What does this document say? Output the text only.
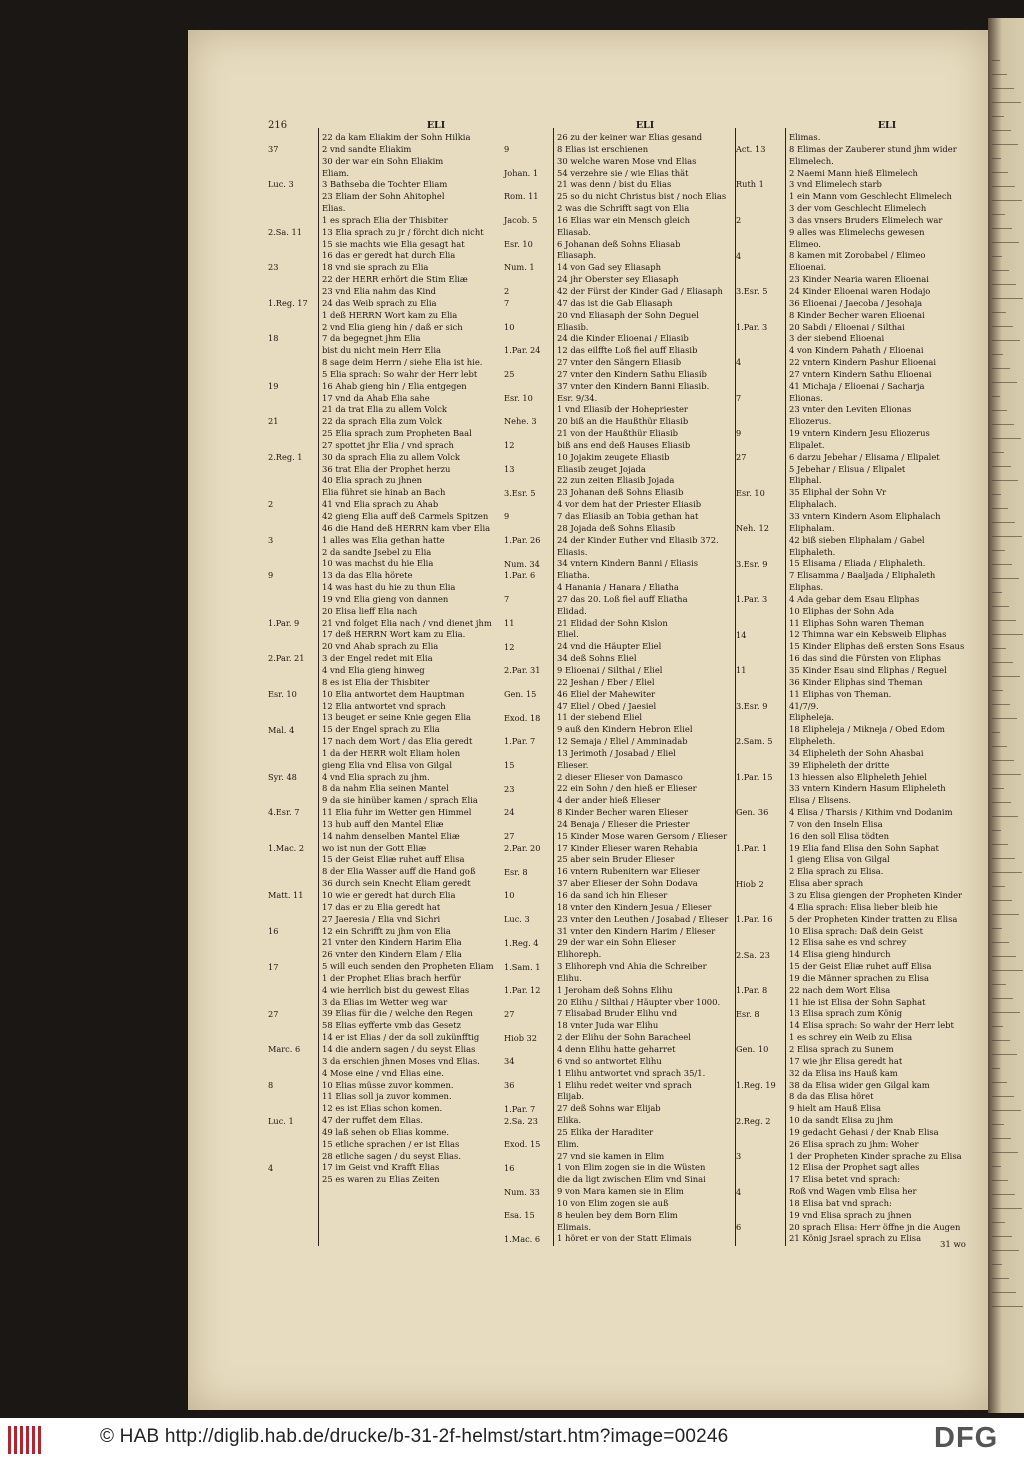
216
37
Luc. 3
2.Sa. 11
23
1.Reg. 17
18
19
21
2.Reg. 1
2
3
9
1.Par. 9
2.Par. 21
Esr. 10
Mal. 4
Syr. 48
4.Esr. 7
1.Mac. 2
Matt. 11
16
17
27
Marc. 6
8
Luc. 1
4
9
Johan. 1
Rom. 11
Jacob. 5
Esr. 10
Num. 1
2
7
10
1.Par. 24
25
Esr. 10
Nehe. 3
12
13
3.Esr. 5
9
1.Par. 26
Num. 34
1.Par. 6
7
11
12
2.Par. 31
Gen. 15
Exod. 18
1.Par. 7
15
23
24
27
2.Par. 20
Esr. 8
10
Luc. 3
1.Reg. 4
1.Sam. 1
1.Par. 12
27
Hiob 32
34
36
1.Par. 7
2.Sa. 23
Exod. 15
16
Num. 33
Esa. 15
1.Mac. 6
Act. 13
Ruth 1
2
4
3.Esr. 5
1.Par. 3
4
7
9
27
Esr. 10
Neh. 12
3.Esr. 9
1.Par. 3
14
11
3.Esr. 9
2.Sam. 5
1.Par. 15
Gen. 36
1.Par. 1
Hiob 2
1.Par. 16
2.Sa. 23
1.Par. 8
Esr. 8
Gen. 10
1.Reg. 19
2.Reg. 2
3
4
6
ELI
22 da kam Eliakim der Sohn Hilkia
2 vnd sandte Eliakim
30 der war ein Sohn Eliakim
Eliam.
3 Bathseba die Tochter Eliam
23 Eliam der Sohn Ahitophel
Elias.
1 es sprach Elia der Thisbiter
13 Elia sprach zu jr / förcht dich nicht
15 sie machts wie Elia gesagt hat
16 das er geredt hat durch Elia
18 vnd sie sprach zu Elia
22 der HERR erhört die Stim Eliæ
23 vnd Elia nahm das Kind
24 das Weib sprach zu Elia
1 deß HERRN Wort kam zu Elia
2 vnd Elia gieng hin / daß er sich
7 da begegnet jhm Elia
bist du nicht mein Herr Elia
8 sage deim Herrn / siehe Elia ist hie.
5 Elia sprach: So wahr der Herr lebt
16 Ahab gieng hin / Elia entgegen
17 vnd da Ahab Elia sahe
21 da trat Elia zu allem Volck
22 da sprach Elia zum Volck
25 Elia sprach zum Propheten Baal
27 spottet jhr Elia / vnd sprach
30 da sprach Elia zu allem Volck
36 trat Elia der Prophet herzu
40 Elia sprach zu jhnen
Elia führet sie hinab an Bach
41 vnd Elia sprach zu Ahab
42 gieng Elia auff deß Carmels Spitzen
46 die Hand deß HERRN kam vber Elia
1 alles was Elia gethan hatte
2 da sandte Jsebel zu Elia
10 was machst du hie Elia
13 da das Elia hörete
14 was hast du hie zu thun Elia
19 vnd Elia gieng von dannen
20 Elisa lieff Elia nach
21 vnd folget Elia nach / vnd dienet jhm
17 deß HERRN Wort kam zu Elia.
20 vnd Ahab sprach zu Elia
3 der Engel redet mit Elia
4 vnd Elia gieng hinweg
8 es ist Elia der Thisbiter
10 Elia antwortet dem Hauptman
12 Elia antwortet vnd sprach
13 beuget er seine Knie gegen Elia
15 der Engel sprach zu Elia
17 nach dem Wort / das Elia geredt
1 da der HERR wolt Eliam holen
gieng Elia vnd Elisa von Gilgal
4 vnd Elia sprach zu jhm.
8 da nahm Elia seinen Mantel
9 da sie hinüber kamen / sprach Elia
11 Elia fuhr im Wetter gen Himmel
13 hub auff den Mantel Eliæ
14 nahm denselben Mantel Eliæ
wo ist nun der Gott Eliæ
15 der Geist Eliæ ruhet auff Elisa
8 der Elia Wasser auff die Hand goß
36 durch sein Knecht Eliam geredt
10 wie er geredt hat durch Elia
17 das er zu Elia geredt hat
27 Jaeresia / Elia vnd Sichri
12 ein Schrifft zu jhm von Elia
21 vnter den Kindern Harim Elia
26 vnter den Kindern Elam / Elia
5 will euch senden den Propheten Eliam
1 der Prophet Elias brach herfür
4 wie herrlich bist du gewest Elias
3 da Elias im Wetter weg war
39 Elias für die / welche den Regen
58 Elias eyfferte vmb das Gesetz
14 er ist Elias / der da soll zukünfftig
14 die andern sagen / du seyst Elias
3 da erschien jhnen Moses vnd Elias.
4 Mose eine / vnd Elias eine.
10 Elias müsse zuvor kommen.
11 Elias soll ja zuvor kommen.
12 es ist Elias schon komen.
47 der ruffet dem Elias.
49 laß sehen ob Elias komme.
15 etliche sprachen / er ist Elias
28 etliche sagen / du seyst Elias.
17 im Geist vnd Krafft Elias
25 es waren zu Elias Zeiten
ELI
26 zu der keiner war Elias gesand
8 Elias ist erschienen
30 welche waren Mose vnd Elias
54 verzehre sie / wie Elias thät
21 was denn / bist du Elias
25 so du nicht Christus bist / noch Elias
2 was die Schrifft sagt von Elia
16 Elias war ein Mensch gleich
Eliasab.
6 Johanan deß Sohns Eliasab
Eliasaph.
14 von Gad sey Eliasaph
24 jhr Oberster sey Eliasaph
42 der Fürst der Kinder Gad / Eliasaph
47 das ist die Gab Eliasaph
20 vnd Eliasaph der Sohn Deguel
Eliasib.
24 die Kinder Elioenai / Eliasib
12 das eilffte Loß fiel auff Eliasib
27 vnter den Sängern Eliasib
27 vnter den Kindern Sathu Eliasib
37 vnter den Kindern Banni Eliasib.
Esr. 9/34.
1 vnd Eliasib der Hohepriester
20 biß an die Haußthür Eliasib
21 von der Haußthür Eliasib
biß ans end deß Hauses Eliasib
10 Jojakim zeugete Eliasib
Eliasib zeuget Jojada
22 zun zeiten Eliasib Jojada
23 Johanan deß Sohns Eliasib
4 vor dem hat der Priester Eliasib
7 das Eliasib an Tobia gethan hat
28 Jojada deß Sohns Eliasib
24 der Kinder Euther vnd Eliasib 372.
Eliasis.
34 vntern Kindern Banni / Eliasis
Eliatha.
4 Hanania / Hanara / Eliatha
27 das 20. Loß fiel auff Eliatha
Elidad.
21 Elidad der Sohn Kislon
Eliel.
24 vnd die Häupter Eliel
34 deß Sohns Eliel
9 Elioenai / Silthai / Eliel
22 Jeshan / Eber / Eliel
46 Eliel der Mahewiter
47 Eliel / Obed / Jaesiel
11 der siebend Eliel
9 auß den Kindern Hebron Eliel
12 Semaja / Eliel / Amminadab
13 Jerimoth / Josabad / Eliel
Elieser.
2 dieser Elieser von Damasco
22 ein Sohn / den hieß er Elieser
4 der ander hieß Elieser
8 Kinder Becher waren Elieser
24 Benaja / Elieser die Priester
15 Kinder Mose waren Gersom / Elieser
17 Kinder Elieser waren Rehabia
25 aber sein Bruder Elieser
16 vntern Rubenitern war Elieser
37 aber Elieser der Sohn Dodava
16 da sand ich hin Elieser
18 vnter den Kindern Jesua / Elieser
23 vnter den Leuthen / Josabad / Elieser
31 vnter den Kindern Harim / Elieser
29 der war ein Sohn Elieser
Elihoreph.
3 Elihoreph vnd Ahia die Schreiber
Elihu.
1 Jeroham deß Sohns Elihu
20 Elihu / Silthai / Häupter vber 1000.
7 Elisabad Bruder Elihu vnd
18 vnter Juda war Elihu
2 der Elihu der Sohn Baracheel
4 denn Elihu hatte geharret
6 vnd so antwortet Elihu
1 Elihu antwortet vnd sprach 35/1.
1 Elihu redet weiter vnd sprach
Elijab.
27 deß Sohns war Elijab
Elika.
25 Elika der Haraditer
Elim.
27 vnd sie kamen in Elim
1 von Elim zogen sie in die Wüsten
die da ligt zwischen Elim vnd Sinai
9 von Mara kamen sie in Elim
10 von Elim zogen sie auß
8 heulen bey dem Born Elim
Elimais.
1 höret er von der Statt Elimais
ELI
Elimas.
8 Elimas der Zauberer stund jhm wider
Elimelech.
2 Naemi Mann hieß Elimelech
3 vnd Elimelech starb
1 ein Mann vom Geschlecht Elimelech
3 der vom Geschlecht Elimelech
3 das vnsers Bruders Elimelech war
9 alles was Elimelechs gewesen
Elimeo.
8 kamen mit Zorobabel / Elimeo
Elioenai.
23 Kinder Nearia waren Elioenai
24 Kinder Elioenai waren Hodajo
36 Elioenai / Jaecoba / Jesohaja
8 Kinder Becher waren Elioenai
20 Sabdi / Elioenai / Silthai
3 der siebend Elioenai
4 von Kindern Pahath / Elioenai
22 vntern Kindern Pashur Elioenai
27 vntern Kindern Sathu Elioenai
41 Michaja / Elioenai / Sacharja
Elionas.
23 vnter den Leviten Elionas
Eliozerus.
19 vntern Kindern Jesu Eliozerus
Elipalet.
6 darzu Jebehar / Elisama / Elipalet
5 Jebehar / Elisua / Elipalet
Eliphal.
35 Eliphal der Sohn Vr
Eliphalach.
33 vntern Kindern Asom Eliphalach
Eliphalam.
42 biß sieben Eliphalam / Gabel
Eliphaleth.
15 Elisama / Eliada / Eliphaleth.
7 Elisamma / Baaljada / Eliphaleth
Eliphas.
4 Ada gebar dem Esau Eliphas
10 Eliphas der Sohn Ada
11 Eliphas Sohn waren Theman
12 Thimna war ein Kebsweib Eliphas
15 Kinder Eliphas deß ersten Sons Esaus
16 das sind die Fürsten von Eliphas
35 Kinder Esau sind Eliphas / Reguel
36 Kinder Eliphas sind Theman
11 Eliphas von Theman.
41/7/9.
Elipheleja.
18 Elipheleja / Mikneja / Obed Edom
Elipheleth.
34 Elipheleth der Sohn Ahasbai
39 Elipheleth der dritte
13 hiessen also Elipheleth Jehiel
33 vntern Kindern Hasum Elipheleth
Elisa / Elisens.
4 Elisa / Tharsis / Kithim vnd Dodanim
7 von den Inseln Elisa
16 den soll Elisa tödten
19 Elia fand Elisa den Sohn Saphat
1 gieng Elisa von Gilgal
2 Elia sprach zu Elisa.
Elisa aber sprach
3 zu Elisa giengen der Propheten Kinder
4 Elia sprach: Elisa lieber bleib hie
5 der Propheten Kinder tratten zu Elisa
10 Elisa sprach: Daß dein Geist
12 Elisa sahe es vnd schrey
14 Elisa gieng hindurch
15 der Geist Eliæ ruhet auff Elisa
19 die Männer sprachen zu Elisa
22 nach dem Wort Elisa
11 hie ist Elisa der Sohn Saphat
13 Elisa sprach zum König
14 Elisa sprach: So wahr der Herr lebt
1 es schrey ein Weib zu Elisa
2 Elisa sprach zu Sunem
17 wie jhr Elisa geredt hat
32 da Elisa ins Hauß kam
38 da Elisa wider gen Gilgal kam
8 da das Elisa höret
9 hielt am Hauß Elisa
10 da sandt Elisa zu jhm
19 gedacht Gehasi / der Knab Elisa
26 Elisa sprach zu jhm: Woher
1 der Propheten Kinder sprache zu Elisa
12 Elisa der Prophet sagt alles
17 Elisa betet vnd sprach:
Roß vnd Wagen vmb Elisa her
18 Elisa bat vnd sprach:
19 vnd Elisa sprach zu jhnen
20 sprach Elisa: Herr öffne jn die Augen
21 König Jsrael sprach zu Elisa
31 wo
© HAB http://diglib.hab.de/drucke/b-31-2f-helmst/start.htm?image=00246	DFG
